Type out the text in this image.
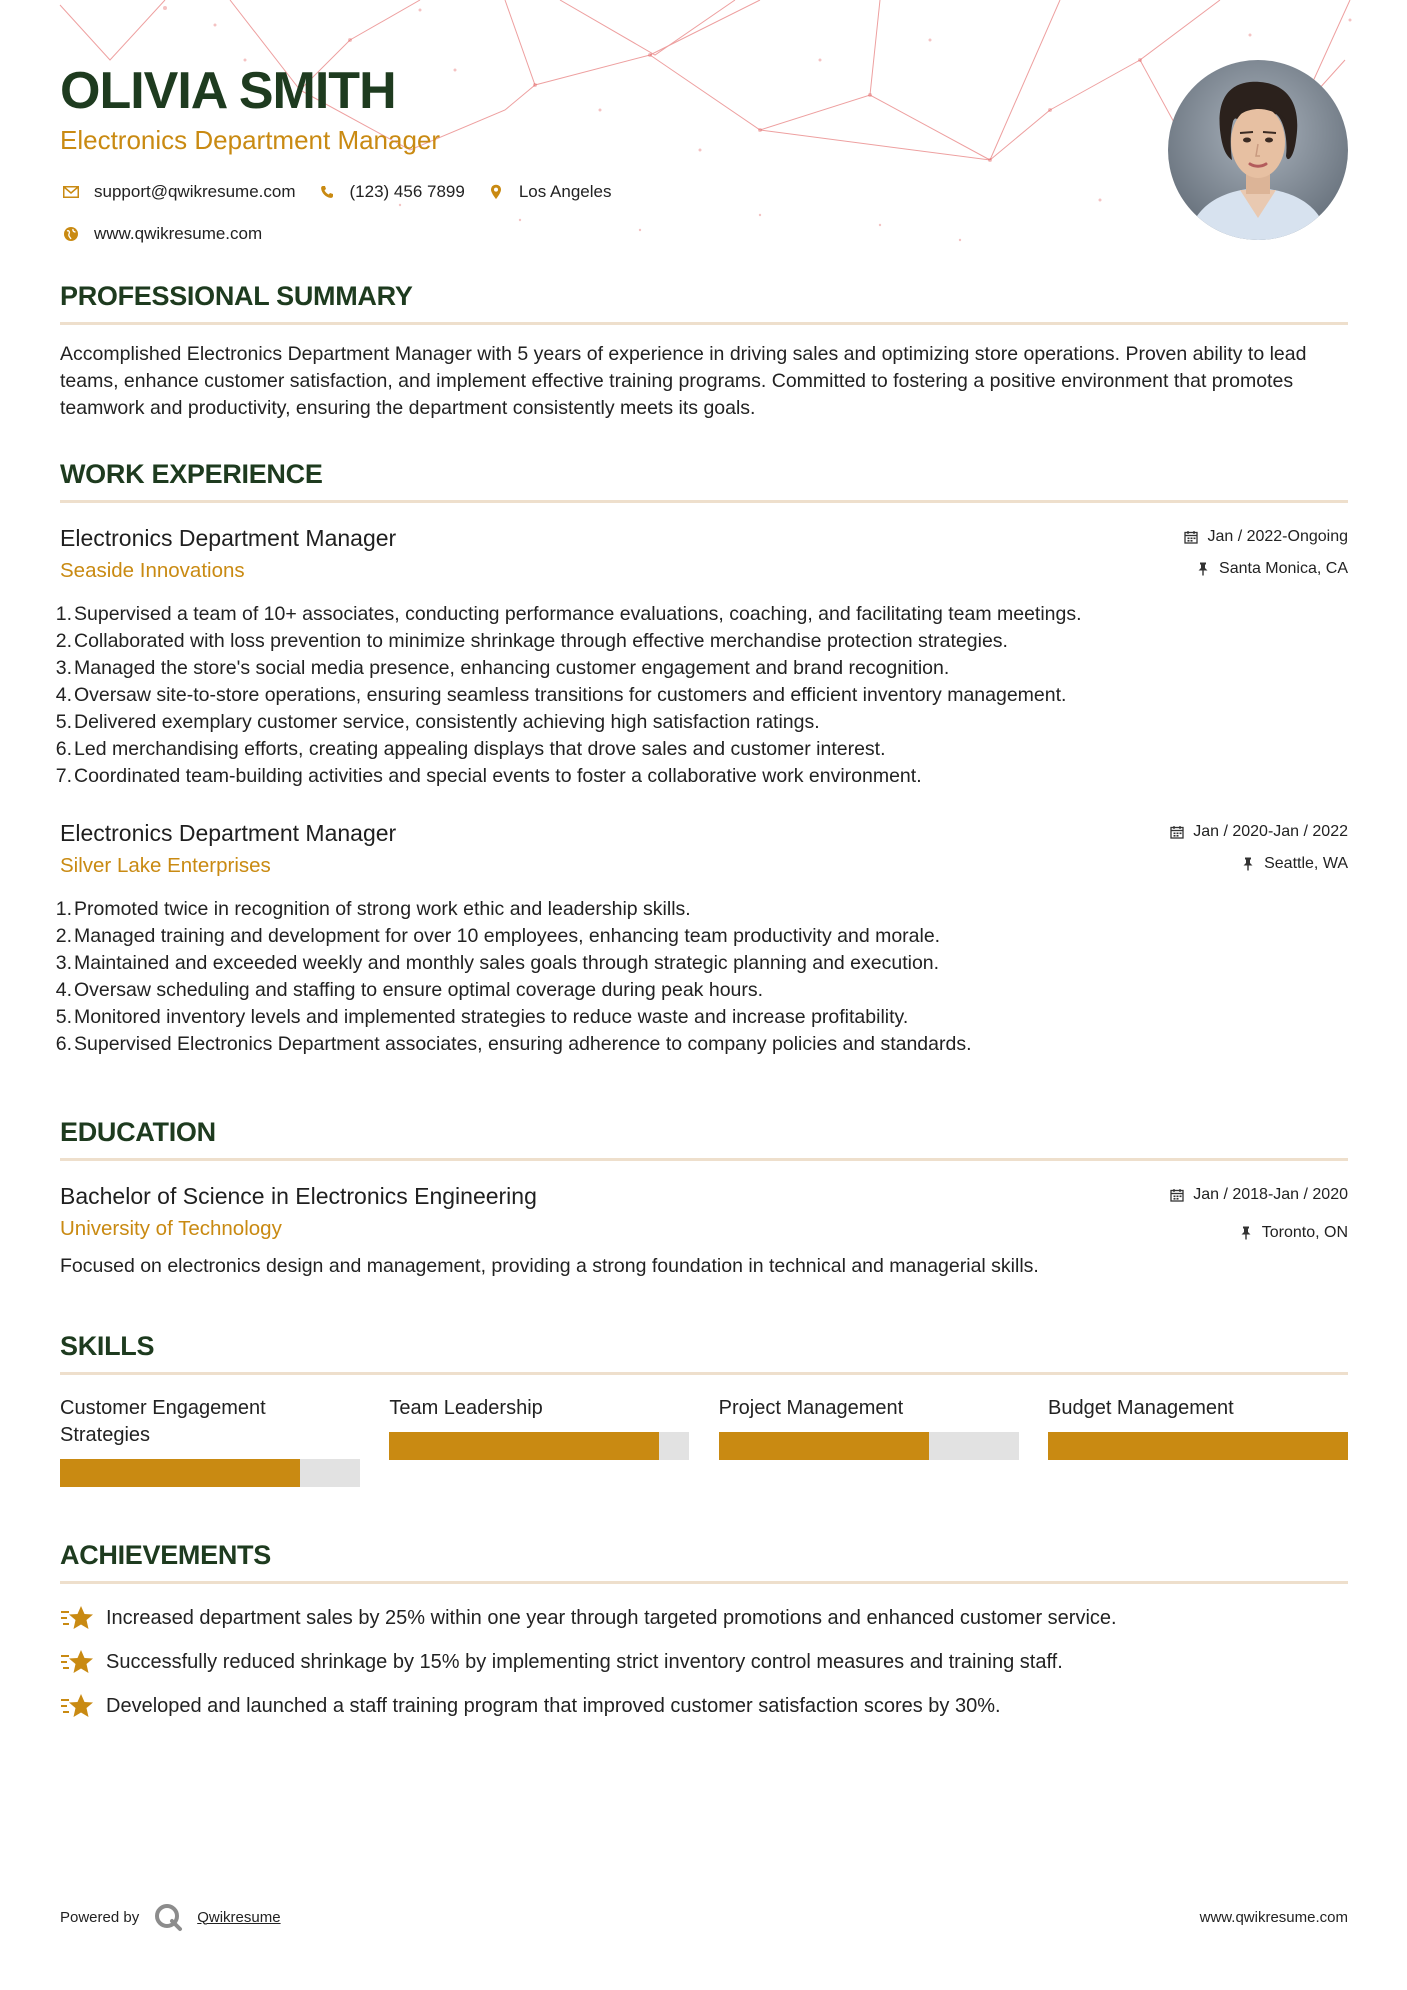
OLIVIA SMITH
Electronics Department Manager
support@qwikresume.com	(123) 456 7899	Los Angeles
www.qwikresume.com
PROFESSIONAL SUMMARY

Accomplished Electronics Department Manager with 5 years of experience in driving sales and optimizing store operations. Proven ability to lead teams, enhance customer satisfaction, and implement effective training programs. Committed to fostering a positive environment that promotes teamwork and productivity, ensuring the department consistently meets its goals.

WORK EXPERIENCE
Electronics Department Manager
Seaside Innovations
Jan / 2022-Ongoing
Santa Monica, CA
1. Supervised a team of 10+ associates, conducting performance evaluations, coaching, and facilitating team meetings.
2. Collaborated with loss prevention to minimize shrinkage through effective merchandise protection strategies.
3. Managed the store's social media presence, enhancing customer engagement and brand recognition.
4. Oversaw site-to-store operations, ensuring seamless transitions for customers and efficient inventory management.
5. Delivered exemplary customer service, consistently achieving high satisfaction ratings.
6. Led merchandising efforts, creating appealing displays that drove sales and customer interest.
7. Coordinated team-building activities and special events to foster a collaborative work environment.
Electronics Department Manager
Silver Lake Enterprises
Jan / 2020-Jan / 2022
Seattle, WA
1. Promoted twice in recognition of strong work ethic and leadership skills.
2. Managed training and development for over 10 employees, enhancing team productivity and morale.
3. Maintained and exceeded weekly and monthly sales goals through strategic planning and execution.
4. Oversaw scheduling and staffing to ensure optimal coverage during peak hours.
5. Monitored inventory levels and implemented strategies to reduce waste and increase profitability.
6. Supervised Electronics Department associates, ensuring adherence to company policies and standards.
EDUCATION
Bachelor of Science in Electronics Engineering
University of Technology
Jan / 2018-Jan / 2020
Toronto, ON

Focused on electronics design and management, providing a strong foundation in technical and managerial skills.

SKILLS
Customer Engagement Strategies
Team Leadership	Project Management	Budget Management
ACHIEVEMENTS
Increased department sales by 25% within one year through targeted promotions and enhanced customer service.
Successfully reduced shrinkage by 15% by implementing strict inventory control measures and training staff.
Developed and launched a staff training program that improved customer satisfaction scores by 30%.
Powered by	Qwikresume	www.qwikresume.com
